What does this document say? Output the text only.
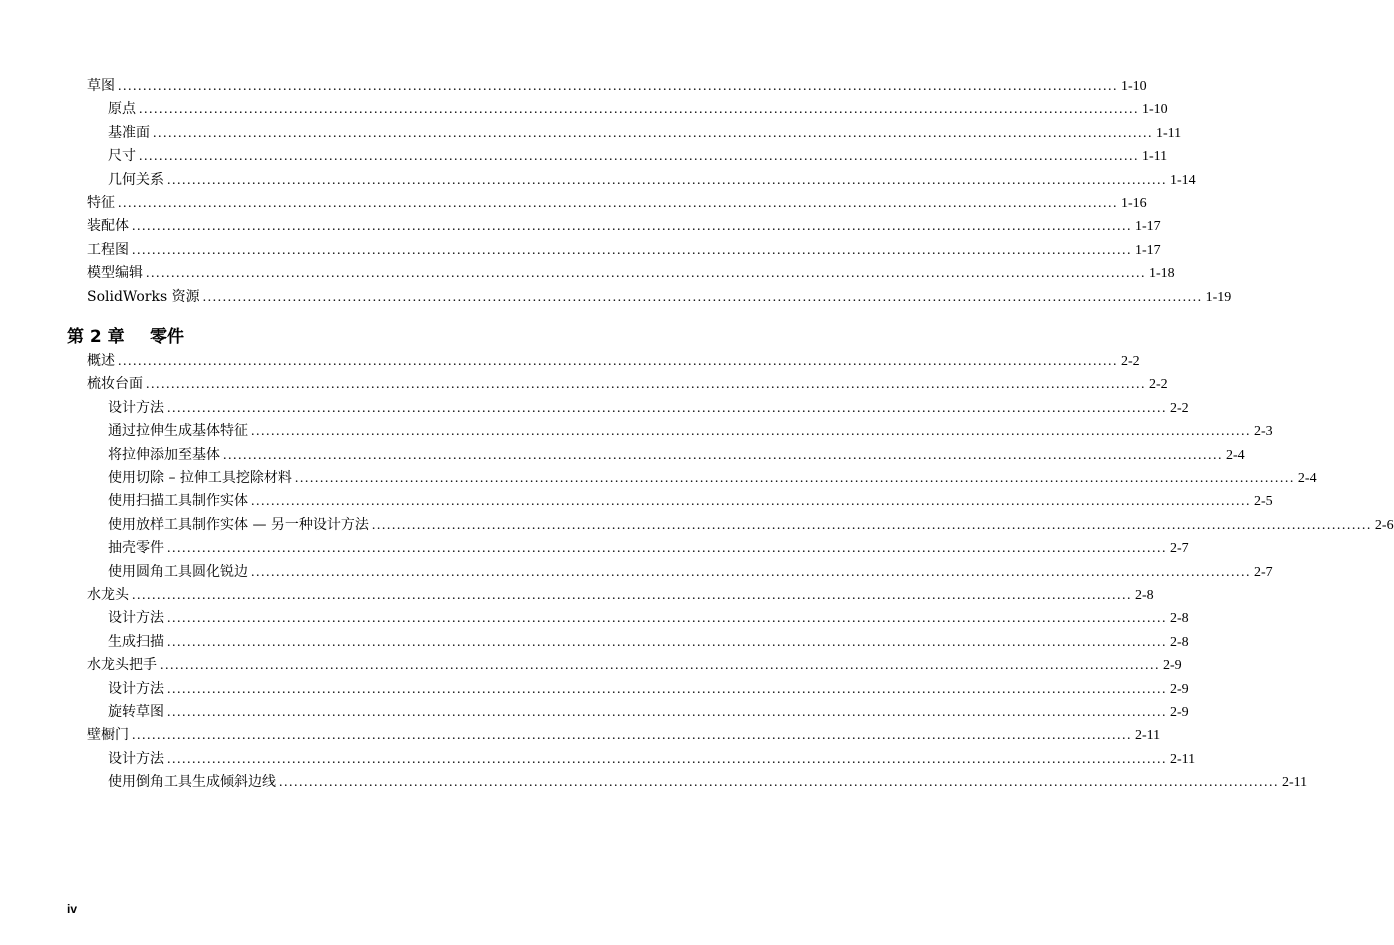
草图 ........................................................................................................................................................................................................ 1-10
原点 ........................................................................................................................................................................................................ 1-10
基准面 ........................................................................................................................................................................................................ 1-11
尺寸 ........................................................................................................................................................................................................ 1-11
几何关系 ........................................................................................................................................................................................................ 1-14
特征 ........................................................................................................................................................................................................ 1-16
装配体 ........................................................................................................................................................................................................ 1-17
工程图 ........................................................................................................................................................................................................ 1-17
模型编辑 ........................................................................................................................................................................................................ 1-18
SolidWorks 资源 ........................................................................................................................................................................................................ 1-19
第 2 章 零件
概述 ........................................................................................................................................................................................................ 2-2
梳妆台面 ........................................................................................................................................................................................................ 2-2
设计方法 ........................................................................................................................................................................................................ 2-2
通过拉伸生成基体特征 ........................................................................................................................................................................................................ 2-3
将拉伸添加至基体 ........................................................................................................................................................................................................ 2-4
使用切除 – 拉伸工具挖除材料 ........................................................................................................................................................................................................ 2-4
使用扫描工具制作实体 ........................................................................................................................................................................................................ 2-5
使用放样工具制作实体 — 另一种设计方法 ........................................................................................................................................................................................................ 2-6
抽壳零件 ........................................................................................................................................................................................................ 2-7
使用圆角工具圆化锐边 ........................................................................................................................................................................................................ 2-7
水龙头 ........................................................................................................................................................................................................ 2-8
设计方法 ........................................................................................................................................................................................................ 2-8
生成扫描 ........................................................................................................................................................................................................ 2-8
水龙头把手 ........................................................................................................................................................................................................ 2-9
设计方法 ........................................................................................................................................................................................................ 2-9
旋转草图 ........................................................................................................................................................................................................ 2-9
壁橱门 ........................................................................................................................................................................................................ 2-11
设计方法 ........................................................................................................................................................................................................ 2-11
使用倒角工具生成倾斜边线 ........................................................................................................................................................................................................ 2-11
iv
